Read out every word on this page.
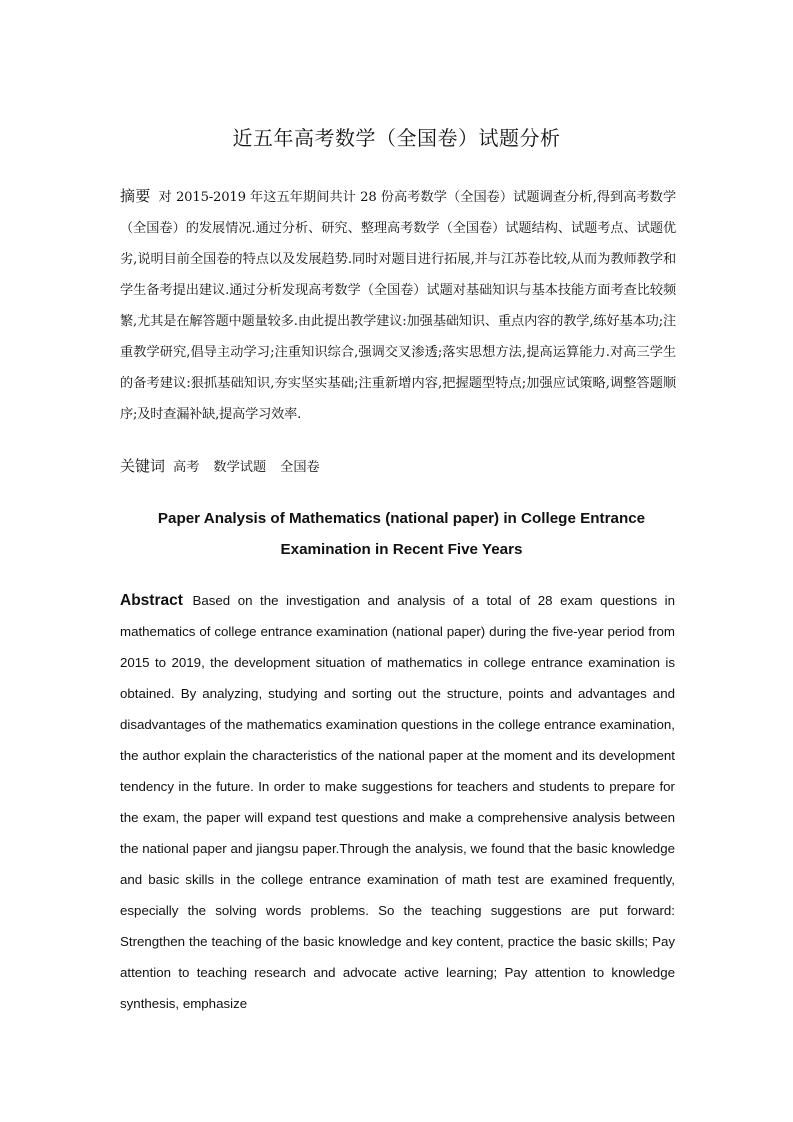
近五年高考数学（全国卷）试题分析
摘要 对 2015-2019 年这五年期间共计 28 份高考数学（全国卷）试题调查分析,得到高考数学（全国卷）的发展情况.通过分析、研究、整理高考数学（全国卷）试题结构、试题考点、试题优劣,说明目前全国卷的特点以及发展趋势.同时对题目进行拓展,并与江苏卷比较,从而为教师教学和学生备考提出建议.通过分析发现高考数学（全国卷）试题对基础知识与基本技能方面考查比较频繁,尤其是在解答题中题量较多.由此提出教学建议:加强基础知识、重点内容的教学,练好基本功;注重教学研究,倡导主动学习;注重知识综合,强调交叉渗透;落实思想方法,提高运算能力.对高三学生的备考建议:狠抓基础知识,夯实坚实基础;注重新增内容,把握题型特点;加强应试策略,调整答题顺序;及时查漏补缺,提高学习效率.
关键词 高考 数学试题 全国卷
Paper Analysis of Mathematics (national paper) in College Entrance Examination in Recent Five Years
Abstract Based on the investigation and analysis of a total of 28 exam questions in mathematics of college entrance examination (national paper) during the five-year period from 2015 to 2019, the development situation of mathematics in college entrance examination is obtained. By analyzing, studying and sorting out the structure, points and advantages and disadvantages of the mathematics examination questions in the college entrance examination, the author explain the characteristics of the national paper at the moment and its development tendency in the future. In order to make suggestions for teachers and students to prepare for the exam, the paper will expand test questions and make a comprehensive analysis between the national paper and jiangsu paper.Through the analysis, we found that the basic knowledge and basic skills in the college entrance examination of math test are examined frequently, especially the solving words problems. So the teaching suggestions are put forward: Strengthen the teaching of the basic knowledge and key content, practice the basic skills; Pay attention to teaching research and advocate active learning; Pay attention to knowledge synthesis, emphasize
